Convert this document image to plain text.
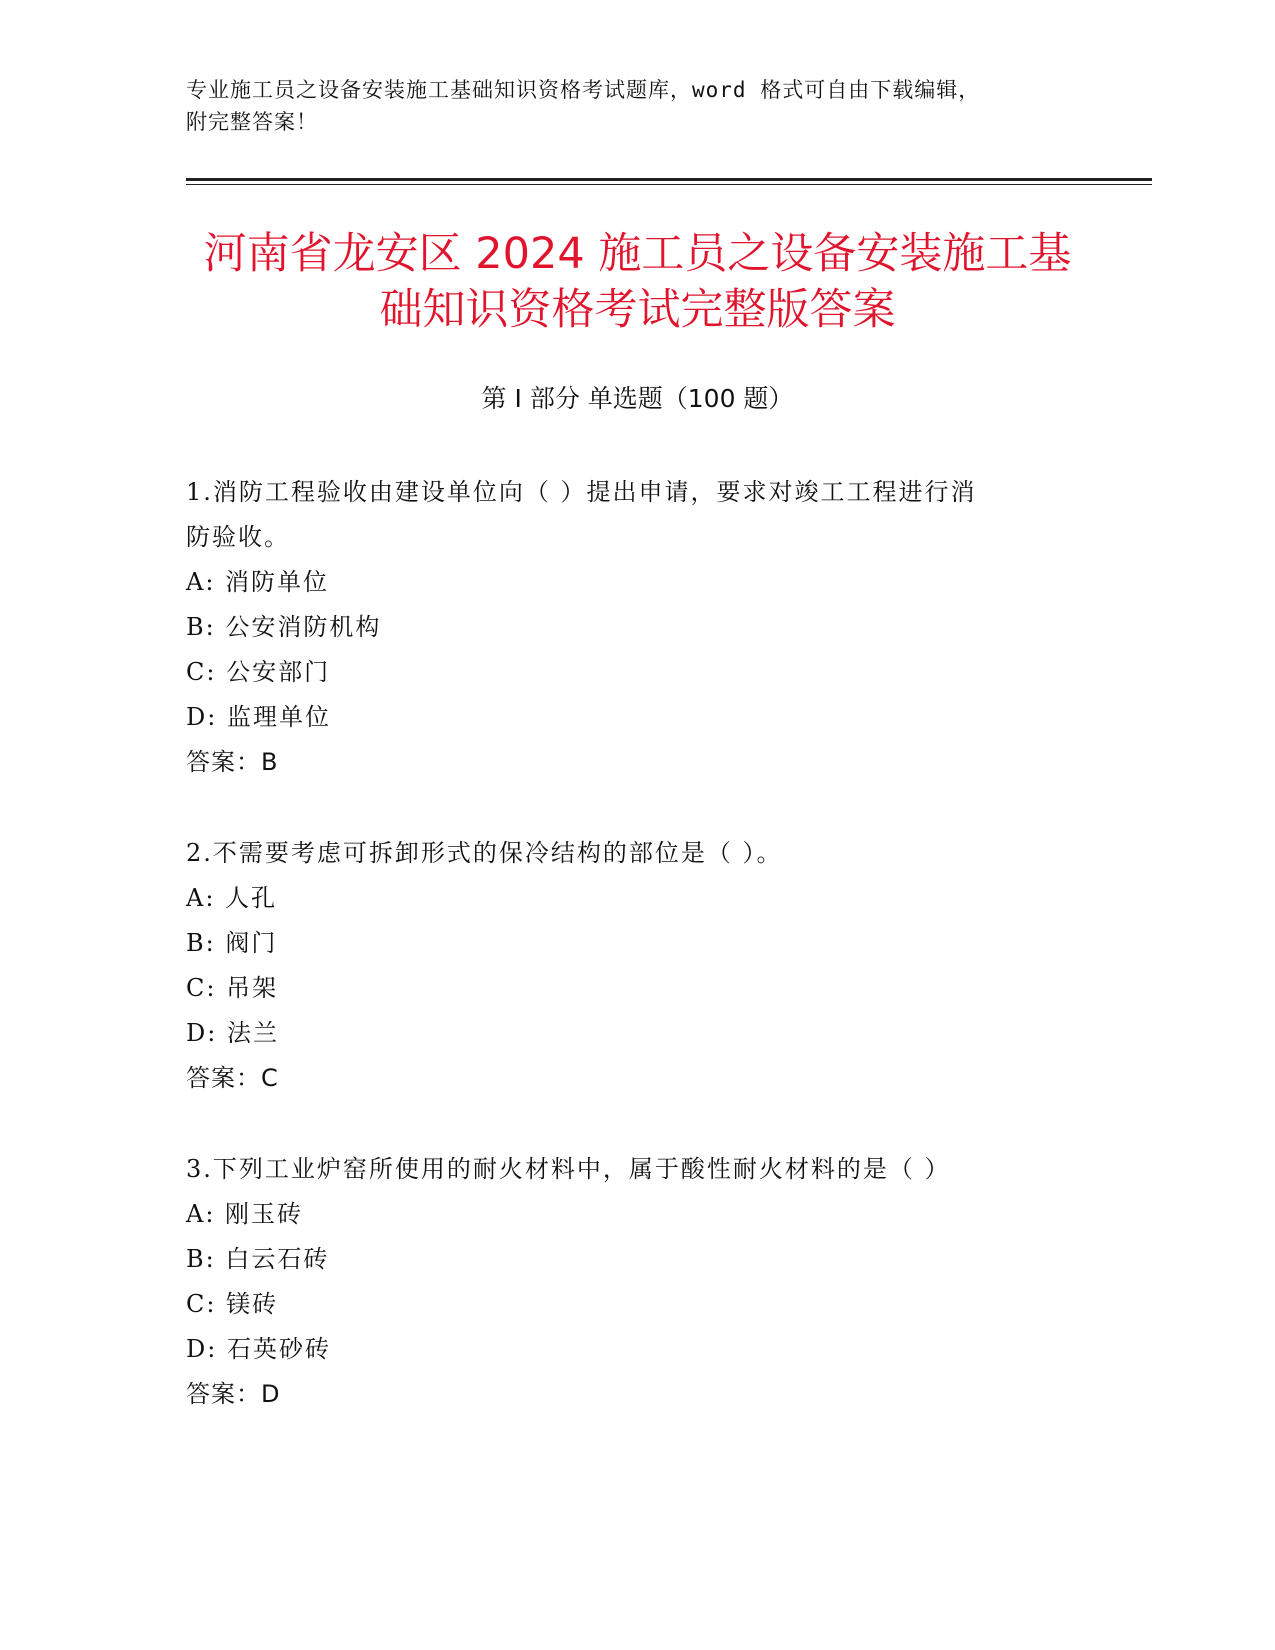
专业施工员之设备安装施工基础知识资格考试题库，word 格式可自由下载编辑，
附完整答案！
河南省龙安区 2024 施工员之设备安装施工基
础知识资格考试完整版答案
第 I 部分 单选题（100 题）
1.消防工程验收由建设单位向（ ）提出申请，要求对竣工工程进行消
防验收。
A: 消防单位
B: 公安消防机构
C: 公安部门
D: 监理单位
答案：B
2.不需要考虑可拆卸形式的保冷结构的部位是（ ）。
A: 人孔
B: 阀门
C: 吊架
D: 法兰
答案：C
3.下列工业炉窑所使用的耐火材料中，属于酸性耐火材料的是（ ）
A: 刚玉砖
B: 白云石砖
C: 镁砖
D: 石英砂砖
答案：D
